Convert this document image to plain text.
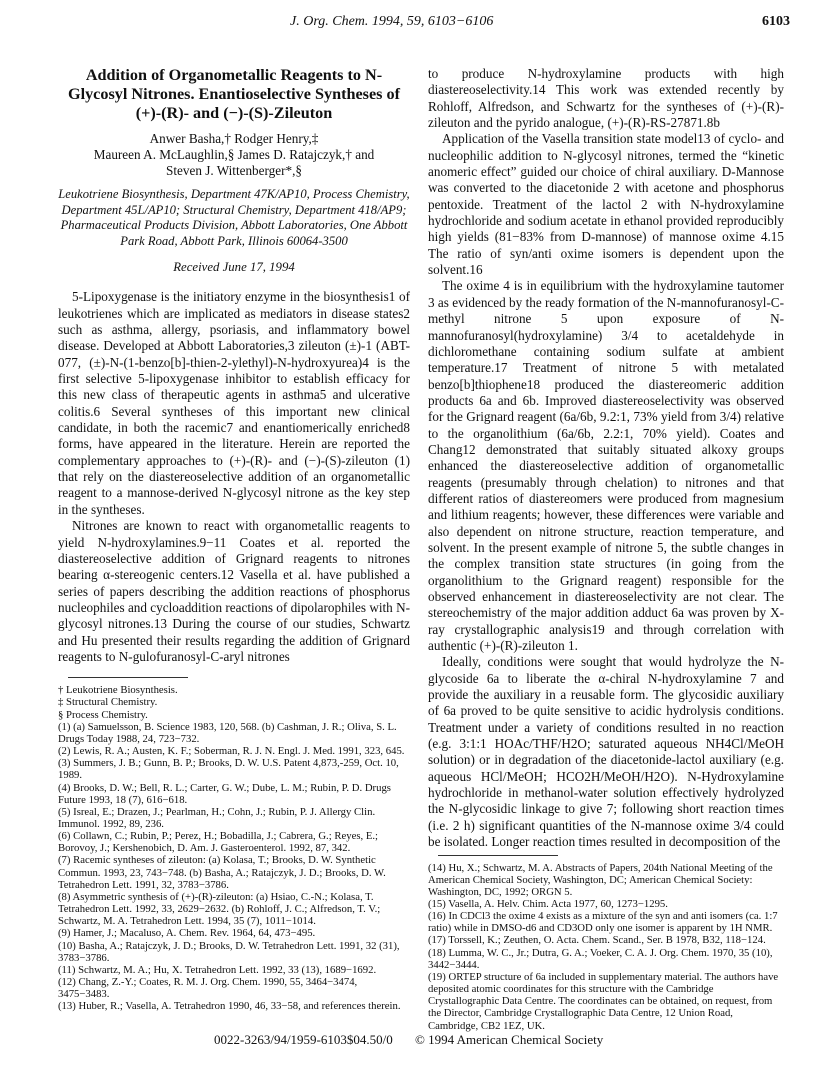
J. Org. Chem. 1994, 59, 6103−6106	6103
Addition of Organometallic Reagents to N-Glycosyl Nitrones. Enantioselective Syntheses of (+)-(R)- and (−)-(S)-Zileuton
Anwer Basha,† Rodger Henry,‡
Maureen A. McLaughlin,§ James D. Ratajczyk,† and
Steven J. Wittenberger*,§
Leukotriene Biosynthesis, Department 47K/AP10, Process Chemistry, Department 45L/AP10; Structural Chemistry, Department 418/AP9; Pharmaceutical Products Division, Abbott Laboratories, One Abbott Park Road, Abbott Park, Illinois 60064-3500
Received June 17, 1994

5-Lipoxygenase is the initiatory enzyme in the biosynthesis1 of leukotrienes which are implicated as mediators in disease states2 such as asthma, allergy, psoriasis, and inflammatory bowel disease. Developed at Abbott Laboratories,3 zileuton (±)-1 (ABT-077, (±)-N-(1-benzo[b]-thien-2-ylethyl)-N-hydroxyurea)4 is the first selective 5-lipoxygenase inhibitor to establish efficacy for this new class of therapeutic agents in asthma5 and ulcerative colitis.6 Several syntheses of this important new clinical candidate, in both the racemic7 and enantiomerically enriched8 forms, have appeared in the literature. Herein are reported the complementary approaches to (+)-(R)- and (−)-(S)-zileuton (1) that rely on the diastereoselective addition of an organometallic reagent to a mannose-derived N-glycosyl nitrone as the key step in the syntheses.

Nitrones are known to react with organometallic reagents to yield N-hydroxylamines.9−11 Coates et al. reported the diastereoselective addition of Grignard reagents to nitrones bearing α-stereogenic centers.12 Vasella et al. have published a series of papers describing the addition reactions of phosphorus nucleophiles and cycloaddition reactions of dipolarophiles with N-glycosyl nitrones.13 During the course of our studies, Schwartz and Hu presented their results regarding the addition of Grignard reagents to N-gulofuranosyl-C-aryl nitrones

† Leukotriene Biosynthesis.
‡ Structural Chemistry.
§ Process Chemistry.
(1) (a) Samuelsson, B. Science 1983, 120, 568. (b) Cashman, J. R.; Oliva, S. L. Drugs Today 1988, 24, 723−732.
(2) Lewis, R. A.; Austen, K. F.; Soberman, R. J. N. Engl. J. Med. 1991, 323, 645.
(3) Summers, J. B.; Gunn, B. P.; Brooks, D. W. U.S. Patent 4,873,-259, Oct. 10, 1989.
(4) Brooks, D. W.; Bell, R. L.; Carter, G. W.; Dube, L. M.; Rubin, P. D. Drugs Future 1993, 18 (7), 616−618.
(5) Isreal, E.; Drazen, J.; Pearlman, H.; Cohn, J.; Rubin, P. J. Allergy Clin. Immunol. 1992, 89, 236.
(6) Collawn, C.; Rubin, P.; Perez, H.; Bobadilla, J.; Cabrera, G.; Reyes, E.; Borovoy, J.; Kershenobich, D. Am. J. Gasteroenterol. 1992, 87, 342.
(7) Racemic syntheses of zileuton: (a) Kolasa, T.; Brooks, D. W. Synthetic Commun. 1993, 23, 743−748. (b) Basha, A.; Ratajczyk, J. D.; Brooks, D. W. Tetrahedron Lett. 1991, 32, 3783−3786.
(8) Asymmetric synthesis of (+)-(R)-zileuton: (a) Hsiao, C.-N.; Kolasa, T. Tetrahedron Lett. 1992, 33, 2629−2632. (b) Rohloff, J. C.; Alfredson, T. V.; Schwartz, M. A. Tetrahedron Lett. 1994, 35 (7), 1011−1014.
(9) Hamer, J.; Macaluso, A. Chem. Rev. 1964, 64, 473−495.
(10) Basha, A.; Ratajczyk, J. D.; Brooks, D. W. Tetrahedron Lett. 1991, 32 (31), 3783−3786.
(11) Schwartz, M. A.; Hu, X. Tetrahedron Lett. 1992, 33 (13), 1689−1692.
(12) Chang, Z.-Y.; Coates, R. M. J. Org. Chem. 1990, 55, 3464−3474, 3475−3483.
(13) Huber, R.; Vasella, A. Tetrahedron 1990, 46, 33−58, and references therein.

to produce N-hydroxylamine products with high diastereoselectivity.14 This work was extended recently by Rohloff, Alfredson, and Schwartz for the syntheses of (+)-(R)-zileuton and the pyrido analogue, (+)-(R)-RS-27871.8b

Application of the Vasella transition state model13 of cyclo- and nucleophilic addition to N-glycosyl nitrones, termed the “kinetic anomeric effect” guided our choice of chiral auxiliary. D-Mannose was converted to the diacetonide 2 with acetone and phosphorus pentoxide. Treatment of the lactol 2 with N-hydroxylamine hydrochloride and sodium acetate in ethanol provided reproducibly high yields (81−83% from D-mannose) of mannose oxime 4.15 The ratio of syn/anti oxime isomers is dependent upon the solvent.16

The oxime 4 is in equilibrium with the hydroxylamine tautomer 3 as evidenced by the ready formation of the N-mannofuranosyl-C-methyl nitrone 5 upon exposure of N-mannofuranosyl(hydroxylamine) 3/4 to acetaldehyde in dichloromethane containing sodium sulfate at ambient temperature.17 Treatment of nitrone 5 with metalated benzo[b]thiophene18 produced the diastereomeric addition products 6a and 6b. Improved diastereoselectivity was observed for the Grignard reagent (6a/6b, 9.2:1, 73% yield from 3/4) relative to the organolithium (6a/6b, 2.2:1, 70% yield). Coates and Chang12 demonstrated that suitably situated alkoxy groups enhanced the diastereoselective addition of organometallic reagents (presumably through chelation) to nitrones and that different ratios of diastereomers were produced from magnesium and lithium reagents; however, these differences were variable and also dependent on nitrone structure, reaction temperature, and solvent. In the present example of nitrone 5, the subtle changes in the complex transition state structures (in going from the organolithium to the Grignard reagent) responsible for the observed enhancement in diastereoselectivity are not clear. The stereochemistry of the major addition adduct 6a was proven by X-ray crystallographic analysis19 and through correlation with authentic (+)-(R)-zileuton 1.

Ideally, conditions were sought that would hydrolyze the N-glycoside 6a to liberate the α-chiral N-hydroxylamine 7 and provide the auxiliary in a reusable form. The glycosidic auxiliary of 6a proved to be quite sensitive to acidic hydrolysis conditions. Treatment under a variety of conditions resulted in no reaction (e.g. 3:1:1 HOAc/THF/H2O; saturated aqueous NH4Cl/MeOH solution) or in degradation of the diacetonide-lactol auxiliary (e.g. aqueous HCl/MeOH; HCO2H/MeOH/H2O). N-Hydroxylamine hydrochloride in methanol-water solution effectively hydrolyzed the N-glycosidic linkage to give 7; following short reaction times (i.e. 2 h) significant quantities of the N-mannose oxime 3/4 could be isolated. Longer reaction times resulted in decomposition of the

(14) Hu, X.; Schwartz, M. A. Abstracts of Papers, 204th National Meeting of the American Chemical Society, Washington, DC; American Chemical Society: Washington, DC, 1992; ORGN 5.
(15) Vasella, A. Helv. Chim. Acta 1977, 60, 1273−1295.
(16) In CDCl3 the oxime 4 exists as a mixture of the syn and anti isomers (ca. 1:7 ratio) while in DMSO-d6 and CD3OD only one isomer is apparent by 1H NMR.
(17) Torssell, K.; Zeuthen, O. Acta. Chem. Scand., Ser. B 1978, B32, 118−124.
(18) Lumma, W. C., Jr.; Dutra, G. A.; Voeker, C. A. J. Org. Chem. 1970, 35 (10), 3442−3444.
(19) ORTEP structure of 6a included in supplementary material. The authors have deposited atomic coordinates for this structure with the Cambridge Crystallographic Data Centre. The coordinates can be obtained, on request, from the Director, Cambridge Crystallographic Data Centre, 12 Union Road, Cambridge, CB2 1EZ, UK.
0022-3263/94/1959-6103$04.50/0 © 1994 American Chemical Society
